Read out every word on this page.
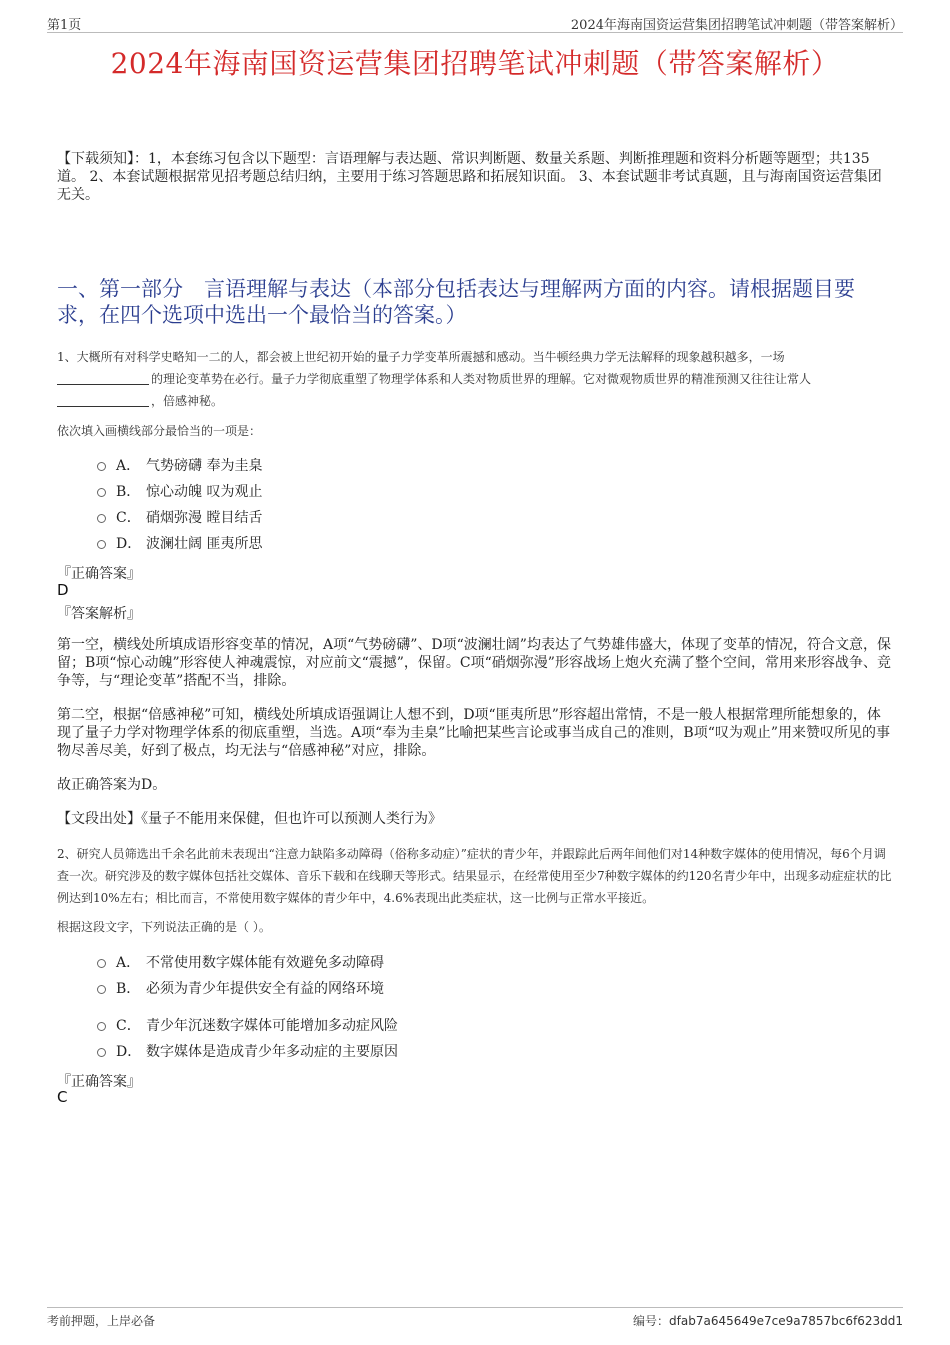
第1页	2024年海南国资运营集团招聘笔试冲刺题（带答案解析）
2024年海南国资运营集团招聘笔试冲刺题（带答案解析）

【下载须知】：1，本套练习包含以下题型：言语理解与表达题、常识判断题、数量关系题、判断推理题和资料分析题等题型；共135道。 2、本套试题根据常见招考题总结归纳，主要用于练习答题思路和拓展知识面。 3、本套试题非考试真题，且与海南国资运营集团无关。

一、第一部分　言语理解与表达（本部分包括表达与理解两方面的内容。请根据题目要求，在四个选项中选出一个最恰当的答案。）

1、大概所有对科学史略知一二的人，都会被上世纪初开始的量子力学变革所震撼和感动。当牛顿经典力学无法解释的现象越积越多，一场
的理论变革势在必行。量子力学彻底重塑了物理学体系和人类对物质世界的理解。它对微观物质世界的精准预测又往往让常人
，倍感神秘。

依次填入画横线部分最恰当的一项是：

A． 气势磅礴 奉为圭臬
B． 惊心动魄 叹为观止
C． 硝烟弥漫 瞠目结舌
D． 波澜壮阔 匪夷所思

『正确答案』

D

『答案解析』

第一空，横线处所填成语形容变革的情况，A项“气势磅礴”、D项“波澜壮阔”均表达了气势雄伟盛大，体现了变革的情况，符合文意，保留；B项“惊心动魄”形容使人神魂震惊，对应前文“震撼”，保留。C项“硝烟弥漫”形容战场上炮火充满了整个空间，常用来形容战争、竞争等，与“理论变革”搭配不当，排除。

第二空，根据“倍感神秘”可知，横线处所填成语强调让人想不到，D项“匪夷所思”形容超出常情，不是一般人根据常理所能想象的，体现了量子力学对物理学体系的彻底重塑，当选。A项“奉为圭臬”比喻把某些言论或事当成自己的准则，B项“叹为观止”用来赞叹所见的事物尽善尽美，好到了极点，均无法与“倍感神秘”对应，排除。

故正确答案为D。

【文段出处】《量子不能用来保健，但也许可以预测人类行为》

2、研究人员筛选出千余名此前未表现出“注意力缺陷多动障碍（俗称多动症）”症状的青少年，并跟踪此后两年间他们对14种数字媒体的使用情况，每6个月调查一次。研究涉及的数字媒体包括社交媒体、音乐下载和在线聊天等形式。结果显示，在经常使用至少7种数字媒体的约120名青少年中，出现多动症症状的比例达到10%左右；相比而言，不常使用数字媒体的青少年中，4.6%表现出此类症状，这一比例与正常水平接近。

根据这段文字，下列说法正确的是（ ）。

A． 不常使用数字媒体能有效避免多动障碍
B． 必须为青少年提供安全有益的网络环境
C． 青少年沉迷数字媒体可能增加多动症风险
D． 数字媒体是造成青少年多动症的主要原因

『正确答案』

C

考前押题，上岸必备	编号：dfab7a645649e7ce9a7857bc6f623dd1
